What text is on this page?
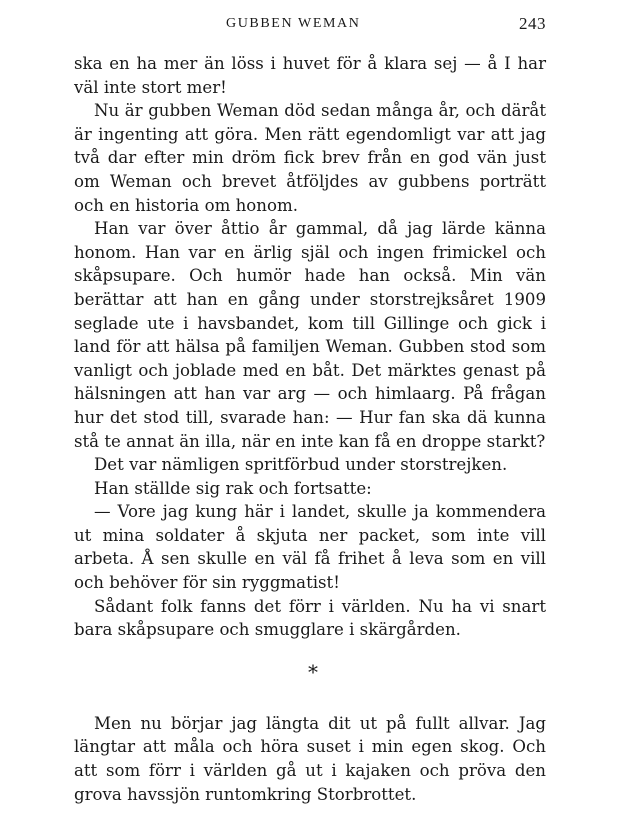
GUBBEN WEMAN	243

ska en ha mer än löss i huvet för å klara sej — å I har väl inte stort mer!

Nu är gubben Weman död sedan många år, och däråt är ingenting att göra. Men rätt egendomligt var att jag två dar efter min dröm fick brev från en god vän just om Weman och brevet åtföljdes av gubbens porträtt och en historia om honom.

Han var över åttio år gammal, då jag lärde känna honom. Han var en ärlig själ och ingen frimickel och skåpsupare. Och humör hade han också. Min vän berättar att han en gång under storstrejksåret 1909 seglade ute i havsbandet, kom till Gillinge och gick i land för att hälsa på familjen Weman. Gubben stod som vanligt och joblade med en båt. Det märktes genast på hälsningen att han var arg — och himlaarg. På frågan hur det stod till, svarade han: — Hur fan ska dä kunna stå te annat än illa, när en inte kan få en droppe starkt?

Det var nämligen spritförbud under storstrejken.

Han ställde sig rak och fortsatte:

— Vore jag kung här i landet, skulle ja kommendera ut mina soldater å skjuta ner packet, som inte vill arbeta. Å sen skulle en väl få frihet å leva som en vill och behöver för sin ryggmatist!

Sådant folk fanns det förr i världen. Nu ha vi snart bara skåpsupare och smugglare i skärgården.

*

Men nu börjar jag längta dit ut på fullt allvar. Jag längtar att måla och höra suset i min egen skog. Och att som förr i världen gå ut i kajaken och pröva den grova havssjön runtomkring Storbrottet.
